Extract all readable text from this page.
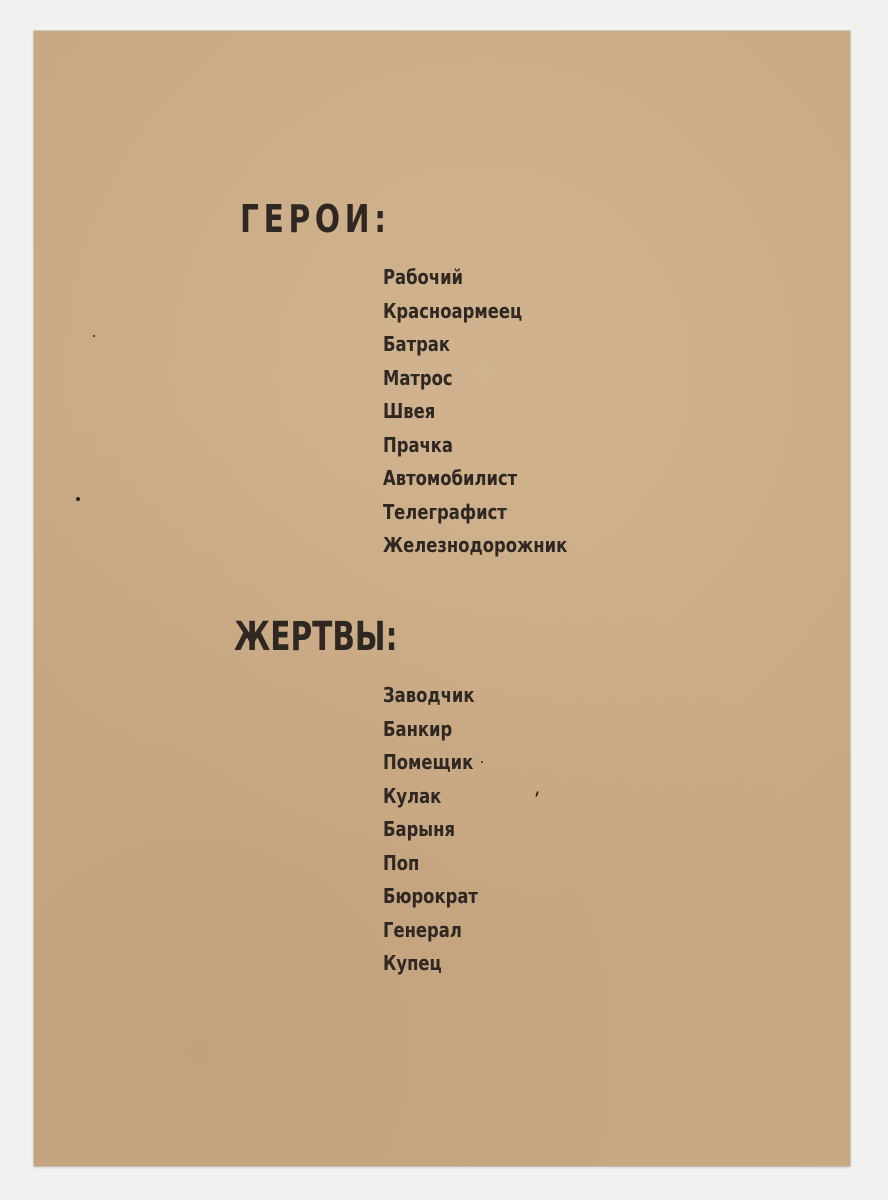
ГЕРОИ:
Рабочий
Красноармеец
Батрак
Матрос
Швея
Прачка
Автомобилист
Телеграфист
Железнодорожник
ЖЕРТВЫ:
Заводчик
Банкир
Помещик
Кулак
Барыня
Поп
Бюрократ
Генерал
Купец
